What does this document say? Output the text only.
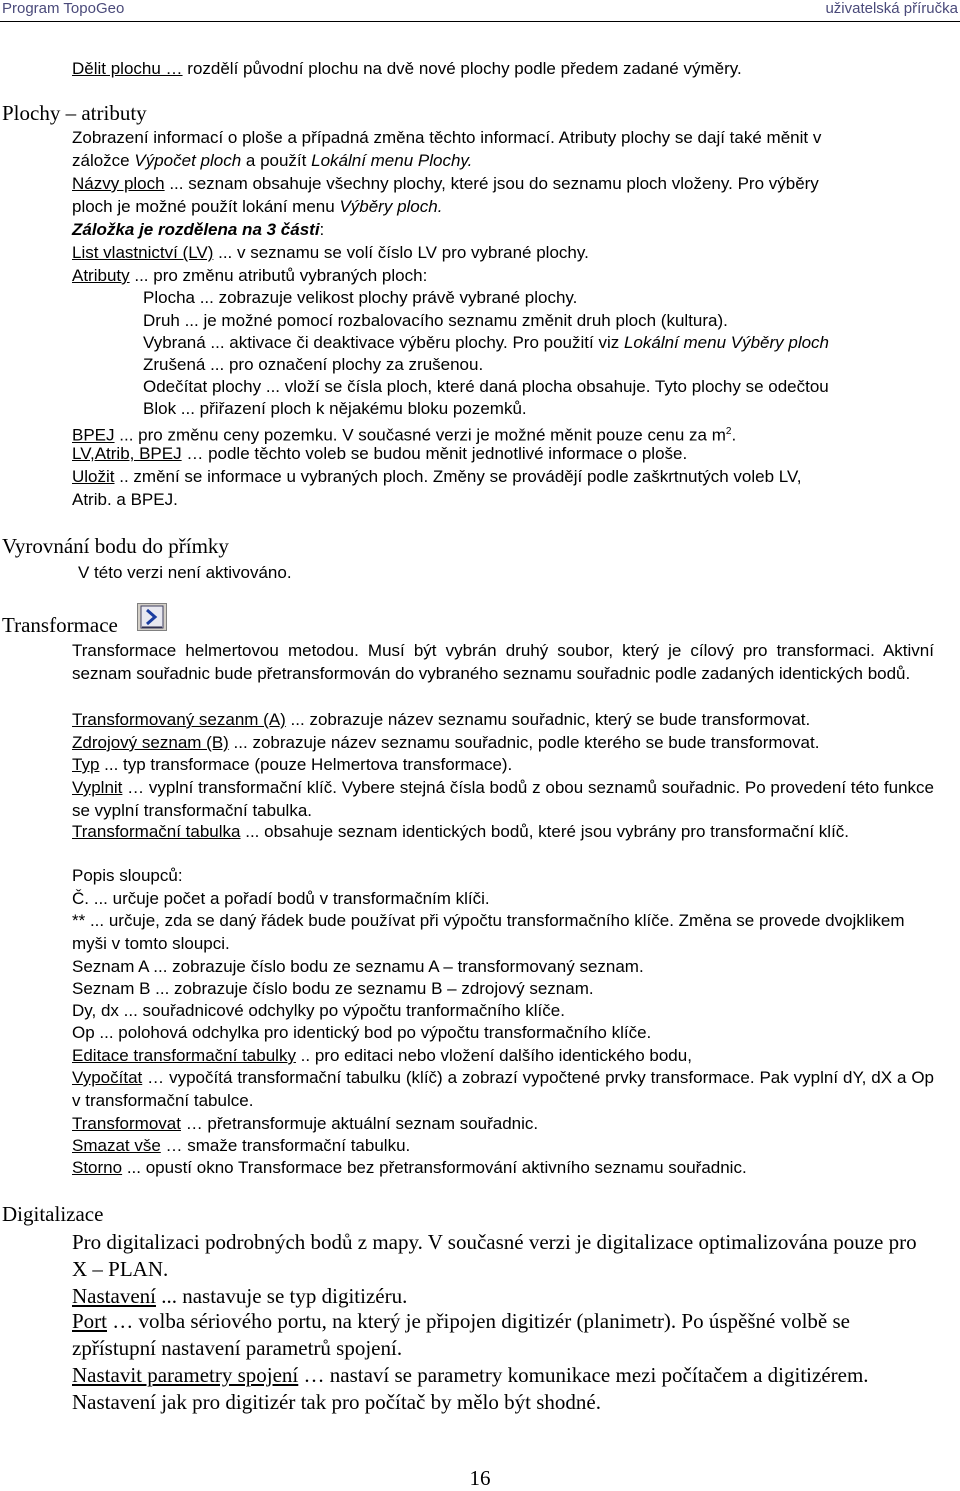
Program TopoGeo	uživatelská příručka
Dělit plochu … rozdělí původní plochu na dvě nové plochy podle předem zadané výměry.
Plochy – atributy
Zobrazení informací o ploše a případná změna těchto informací. Atributy plochy se dají také měnit v
záložce Výpočet ploch a použít Lokální menu Plochy.
Názvy ploch ... seznam obsahuje všechny plochy, které jsou do seznamu ploch vloženy. Pro výběry
ploch je možné použít lokání menu Výběry ploch.
Záložka je rozdělena na 3 části:
List vlastnictví (LV) ... v seznamu se volí číslo LV pro vybrané plochy.
Atributy ... pro změnu atributů vybraných ploch:
Plocha ... zobrazuje velikost plochy právě vybrané plochy.
Druh ... je možné pomocí rozbalovacího seznamu změnit druh ploch (kultura).
Vybraná ... aktivace či deaktivace výběru plochy. Pro použití viz Lokální menu Výběry ploch
Zrušená ... pro označení plochy za zrušenou.
Odečítat plochy ... vloží se čísla ploch, které daná plocha obsahuje. Tyto plochy se odečtou
Blok ... přiřazení ploch k nějakému bloku pozemků.
BPEJ ... pro změnu ceny pozemku. V současné verzi je možné měnit pouze cenu za $m^2$.
LV,Atrib, BPEJ … podle těchto voleb se budou měnit jednotlivé informace o ploše.
Uložit .. změní se informace u vybraných ploch. Změny se provádějí podle zaškrtnutých voleb LV,
Atrib. a BPEJ.
Vyrovnání bodu do přímky
V této verzi není aktivováno.
Transformace
Transformace helmertovou metodou. Musí být vybrán druhý soubor, který je cílový pro transformaci. Aktivní seznam souřadnic bude přetransformován do vybraného seznamu souřadnic podle zadaných identických bodů.
Transformovaný sezanm (A) ... zobrazuje název seznamu souřadnic, který se bude transformovat.
Zdrojový seznam (B) ... zobrazuje název seznamu souřadnic, podle kterého se bude transformovat.
Typ ... typ transformace (pouze Helmertova transformace).
Vyplnit … vyplní transformační klíč. Vybere stejná čísla bodů z obou seznamů souřadnic. Po provedení této funkce se vyplní transformační tabulka.
Transformační tabulka ... obsahuje seznam identických bodů, které jsou vybrány pro transformační klíč.
Popis sloupců:
Č. ... určuje počet a pořadí bodů v transformačním klíči.
** ... určuje, zda se daný řádek bude používat při výpočtu transformačního klíče. Změna se provede dvojklikem myši v tomto sloupci.
Seznam A ... zobrazuje číslo bodu ze seznamu A – transformovaný seznam.
Seznam B ... zobrazuje číslo bodu ze seznamu B – zdrojový seznam.
Dy, dx ... souřadnicové odchylky po výpočtu tranformačního klíče.
Op ... polohová odchylka pro identický bod po výpočtu transformačního klíče.
Editace transformační tabulky .. pro editaci nebo vložení dalšího identického bodu,
Vypočítat … vypočítá transformační tabulku (klíč) a zobrazí vypočtené prvky transformace. Pak vyplní dY, dX a Op v transformační tabulce.
Transformovat … přetransformuje aktuální seznam souřadnic.
Smazat vše … smaže transformační tabulku.
Storno ... opustí okno Transformace bez přetransformování aktivního seznamu souřadnic.
Digitalizace
Pro digitalizaci podrobných bodů z mapy. V současné verzi je digitalizace optimalizována pouze pro X – PLAN.
Nastavení ... nastavuje se typ digitizéru.
Port … volba sériového portu, na který je připojen digitizér (planimetr). Po úspěšné volbě se zpřístupní nastavení parametrů spojení.
Nastavit parametry spojení … nastaví se parametry komunikace mezi počítačem a digitizérem. Nastavení jak pro digitizér tak pro počítač by mělo být shodné.
16
